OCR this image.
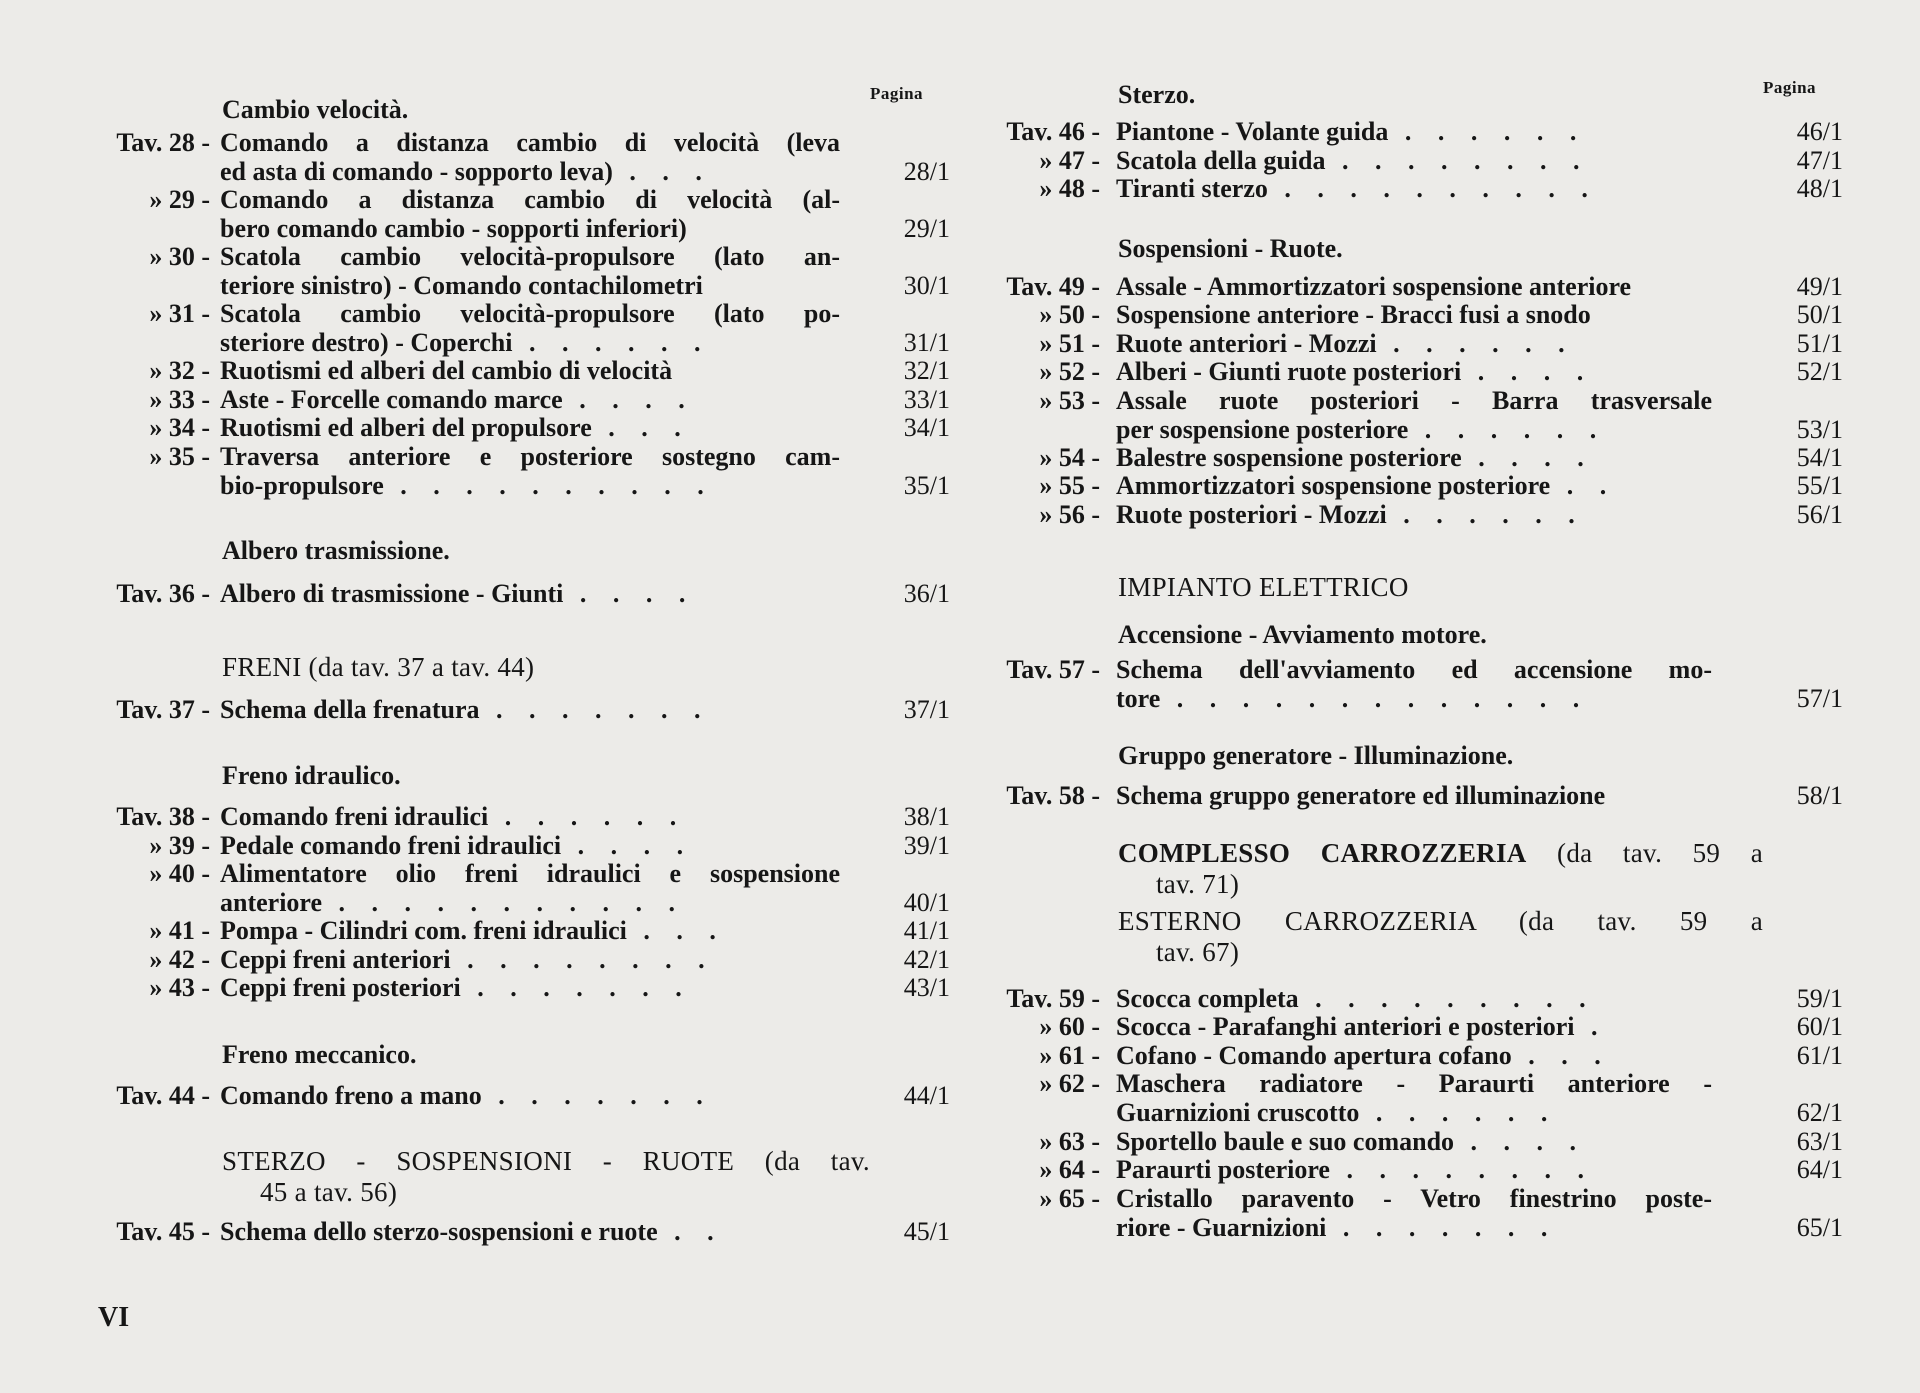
Pagina
Cambio velocità.
Tav. 28 - Comando a distanza cambio di velocità (leva
ed asta di comando - sopporto leva) . . .	28/1
» 29 - Comando a distanza cambio di velocità (al-
bero comando cambio - sopporti inferiori)	29/1
» 30 - Scatola cambio velocità-propulsore (lato an-
teriore sinistro) - Comando contachilometri	30/1
» 31 - Scatola cambio velocità-propulsore (lato po-
steriore destro) - Coperchi . . . . . .	31/1
» 32 - Ruotismi ed alberi del cambio di velocità	32/1
» 33 - Aste - Forcelle comando marce . . . .	33/1
» 34 - Ruotismi ed alberi del propulsore . . .	34/1
» 35 - Traversa anteriore e posteriore sostegno cam-
bio-propulsore . . . . . . . . . .	35/1
Albero trasmissione.
Tav. 36 - Albero di trasmissione - Giunti . . . .	36/1
FRENI (da tav. 37 a tav. 44)
Tav. 37 - Schema della frenatura . . . . . . .	37/1
Freno idraulico.
Tav. 38 - Comando freni idraulici . . . . . .	38/1
» 39 - Pedale comando freni idraulici . . . .	39/1
» 40 - Alimentatore olio freni idraulici e sospensione
anteriore . . . . . . . . . . .	40/1
» 41 - Pompa - Cilindri com. freni idraulici . . .	41/1
» 42 - Ceppi freni anteriori . . . . . . . .	42/1
» 43 - Ceppi freni posteriori . . . . . . .	43/1
Freno meccanico.
Tav. 44 - Comando freno a mano . . . . . . .	44/1
STERZO - SOSPENSIONI - RUOTE (da tav.
45 a tav. 56)
Tav. 45 - Schema dello sterzo-sospensioni e ruote . .	45/1
Pagina
Sterzo.
Tav. 46 - Piantone - Volante guida . . . . . .	46/1
» 47 - Scatola della guida . . . . . . . .	47/1
» 48 - Tiranti sterzo . . . . . . . . . .	48/1
Sospensioni - Ruote.
Tav. 49 - Assale - Ammortizzatori sospensione anteriore	49/1
» 50 - Sospensione anteriore - Bracci fusi a snodo	50/1
» 51 - Ruote anteriori - Mozzi . . . . . .	51/1
» 52 - Alberi - Giunti ruote posteriori . . . .	52/1
» 53 - Assale ruote posteriori - Barra trasversale
per sospensione posteriore . . . . . .	53/1
» 54 - Balestre sospensione posteriore . . . .	54/1
» 55 - Ammortizzatori sospensione posteriore . .	55/1
» 56 - Ruote posteriori - Mozzi . . . . . .	56/1
IMPIANTO ELETTRICO
Accensione - Avviamento motore.
Tav. 57 - Schema dell'avviamento ed accensione mo-
tore . . . . . . . . . . . . .	57/1
Gruppo generatore - Illuminazione.
Tav. 58 - Schema gruppo generatore ed illuminazione	58/1
COMPLESSO CARROZZERIA (da tav. 59 a
tav. 71)
ESTERNO CARROZZERIA (da tav. 59 a
tav. 67)
Tav. 59 - Scocca completa . . . . . . . . .	59/1
» 60 - Scocca - Parafanghi anteriori e posteriori .	60/1
» 61 - Cofano - Comando apertura cofano . . .	61/1
» 62 - Maschera radiatore - Paraurti anteriore -
Guarnizioni cruscotto . . . . . .	62/1
» 63 - Sportello baule e suo comando . . . .	63/1
» 64 - Paraurti posteriore . . . . . . . .	64/1
» 65 - Cristallo paravento - Vetro finestrino poste-
riore - Guarnizioni . . . . . . .	65/1
VI
